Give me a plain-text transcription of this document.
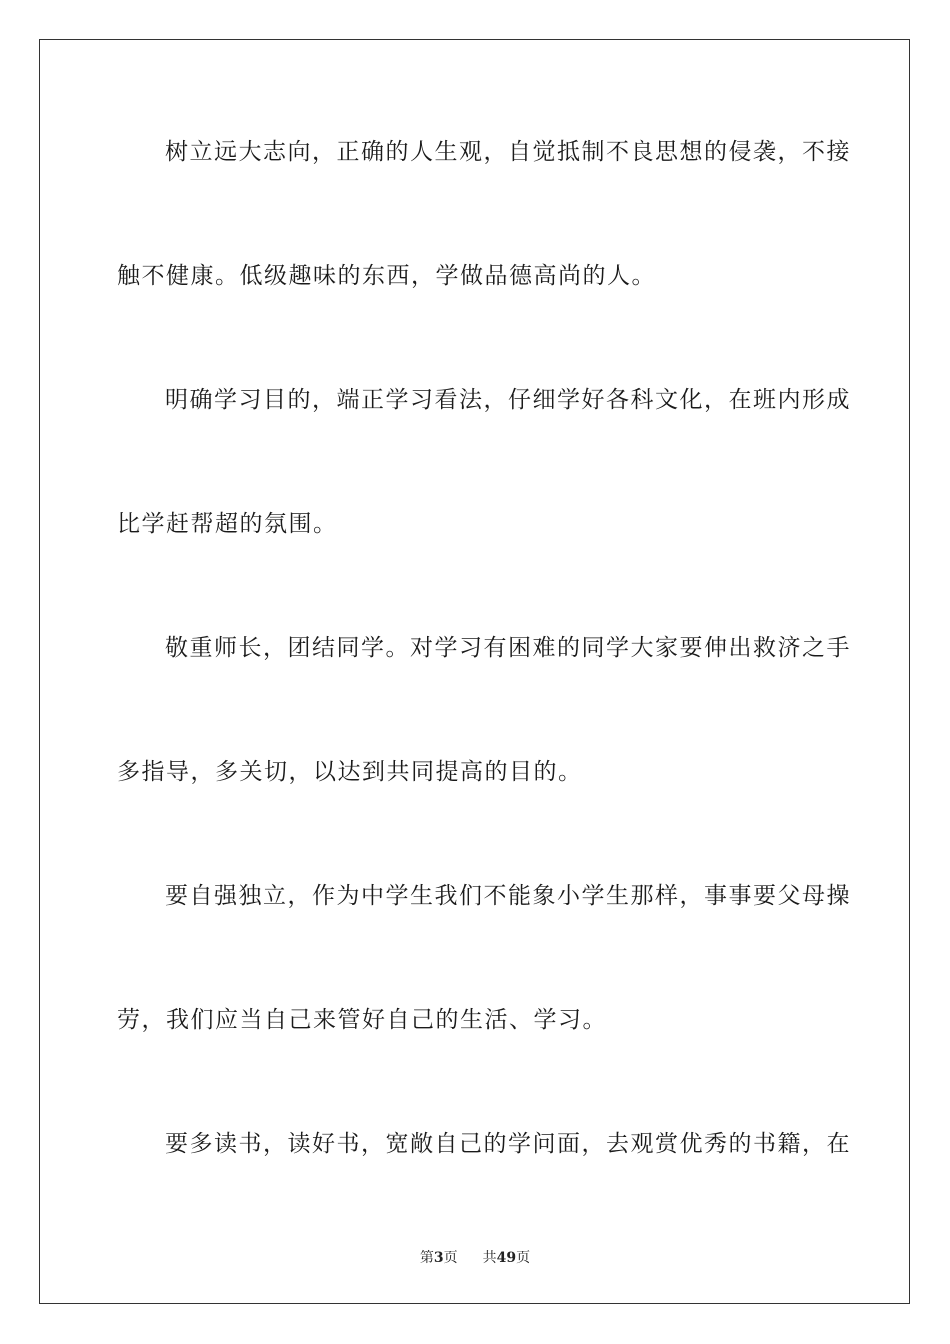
树立远大志向，正确的人生观，自觉抵制不良思想的侵袭，不接
触不健康。低级趣味的东西，学做品德高尚的人。
明确学习目的，端正学习看法，仔细学好各科文化，在班内形成
比学赶帮超的氛围。
敬重师长，团结同学。对学习有困难的同学大家要伸出救济之手
多指导，多关切，以达到共同提高的目的。
要自强独立，作为中学生我们不能象小学生那样，事事要父母操
劳，我们应当自己来管好自己的生活、学习。
要多读书，读好书，宽敞自己的学问面，去观赏优秀的书籍，在
第3页 共49页
